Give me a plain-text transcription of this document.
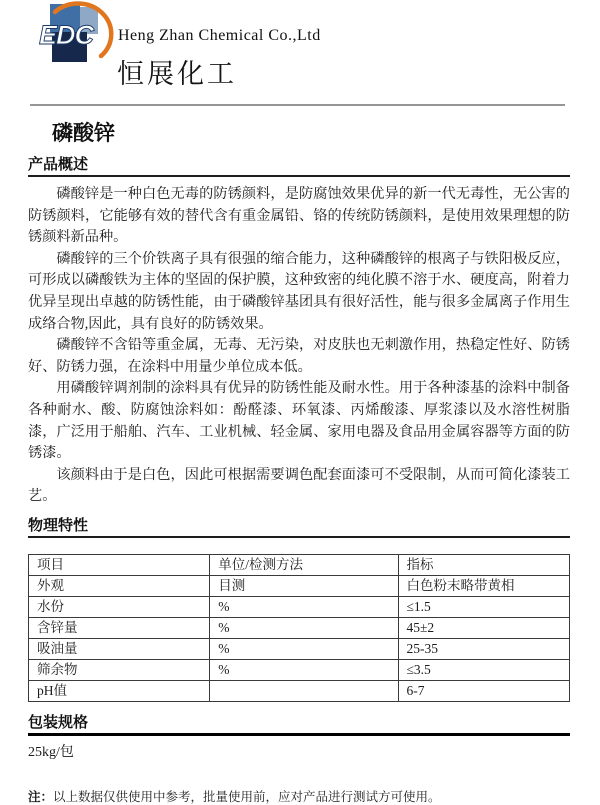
EDC Heng Zhan Chemical Co.,Ltd
恒展化工
磷酸锌
产品概述

磷酸锌是一种白色无毒的防锈颜料，是防腐蚀效果优异的新一代无毒性，无公害的防锈颜料，它能够有效的替代含有重金属铅、铬的传统防锈颜料，是使用效果理想的防锈颜料新品种。

磷酸锌的三个价铁离子具有很强的缩合能力，这种磷酸锌的根离子与铁阳极反应，可形成以磷酸铁为主体的坚固的保护膜，这种致密的纯化膜不溶于水、硬度高，附着力优异呈现出卓越的防锈性能，由于磷酸锌基团具有很好活性，能与很多金属离子作用生成络合物,因此，具有良好的防锈效果。

磷酸锌不含铅等重金属，无毒、无污染，对皮肤也无刺激作用，热稳定性好、防锈好、防锈力强，在涂料中用量少单位成本低。

用磷酸锌调剂制的涂料具有优异的防锈性能及耐水性。用于各种漆基的涂料中制备各种耐水、酸、防腐蚀涂料如：酚醛漆、环氧漆、丙烯酸漆、厚浆漆以及水溶性树脂漆，广泛用于船舶、汽车、工业机械、轻金属、家用电器及食品用金属容器等方面的防锈漆。

该颜料由于是白色，因此可根据需要调色配套面漆可不受限制，从而可简化漆装工艺。

物理特性
项目	单位/检测方法	指标
外观	目测	白色粉末略带黄相
水份	%	≤1.5
含锌量	%	45±2
吸油量	%	25-35
筛余物	%	≤3.5
pH值		6-7
包装规格
25kg/包
注：以上数据仅供使用中参考，批量使用前，应对产品进行测试方可使用。
